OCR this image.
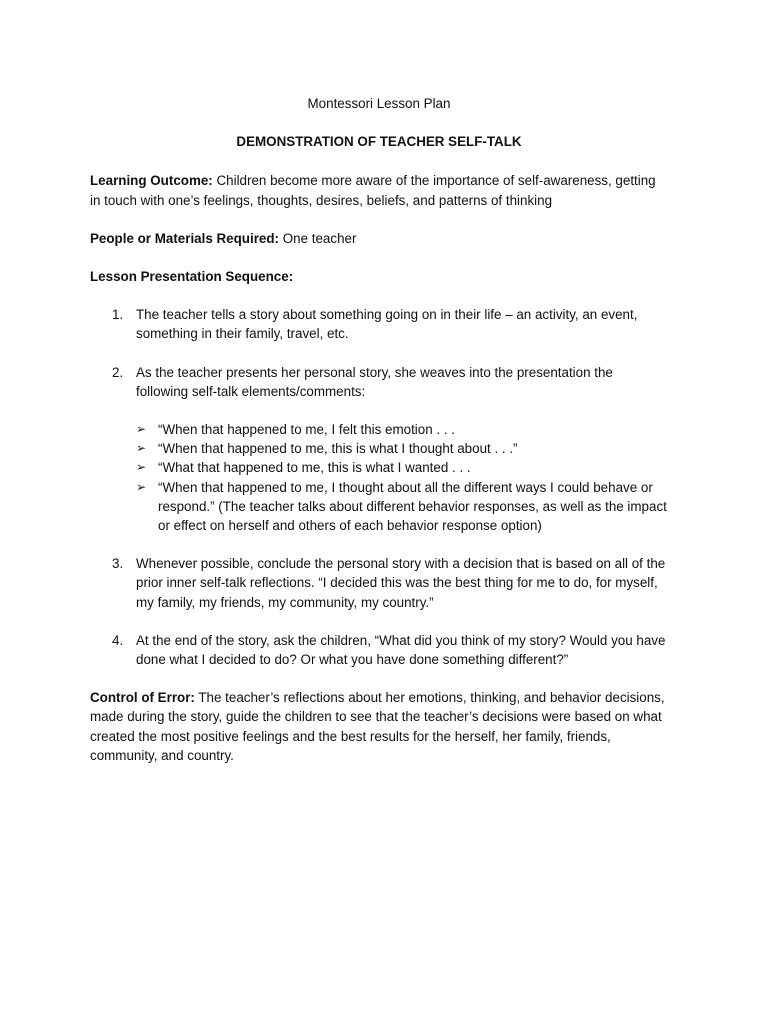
Montessori Lesson Plan

DEMONSTRATION OF TEACHER SELF-TALK

Learning Outcome: Children become more aware of the importance of self-awareness, getting in touch with one’s feelings, thoughts, desires, beliefs, and patterns of thinking

People or Materials Required: One teacher

Lesson Presentation Sequence:

1. The teacher tells a story about something going on in their life – an activity, an event, something in their family, travel, etc.
2. As the teacher presents her personal story, she weaves into the presentation the following self-talk elements/comments:
➢ “When that happened to me, I felt this emotion . . .
➢ “When that happened to me, this is what I thought about . . .”
➢ “What that happened to me, this is what I wanted . . .
➢ “When that happened to me, I thought about all the different ways I could behave or respond.” (The teacher talks about different behavior responses, as well as the impact or effect on herself and others of each behavior response option)
3. Whenever possible, conclude the personal story with a decision that is based on all of the prior inner self-talk reflections. “I decided this was the best thing for me to do, for myself, my family, my friends, my community, my country.”
4. At the end of the story, ask the children, “What did you think of my story? Would you have done what I decided to do? Or what you have done something different?”

Control of Error: The teacher’s reflections about her emotions, thinking, and behavior decisions, made during the story, guide the children to see that the teacher’s decisions were based on what created the most positive feelings and the best results for the herself, her family, friends, community, and country.
